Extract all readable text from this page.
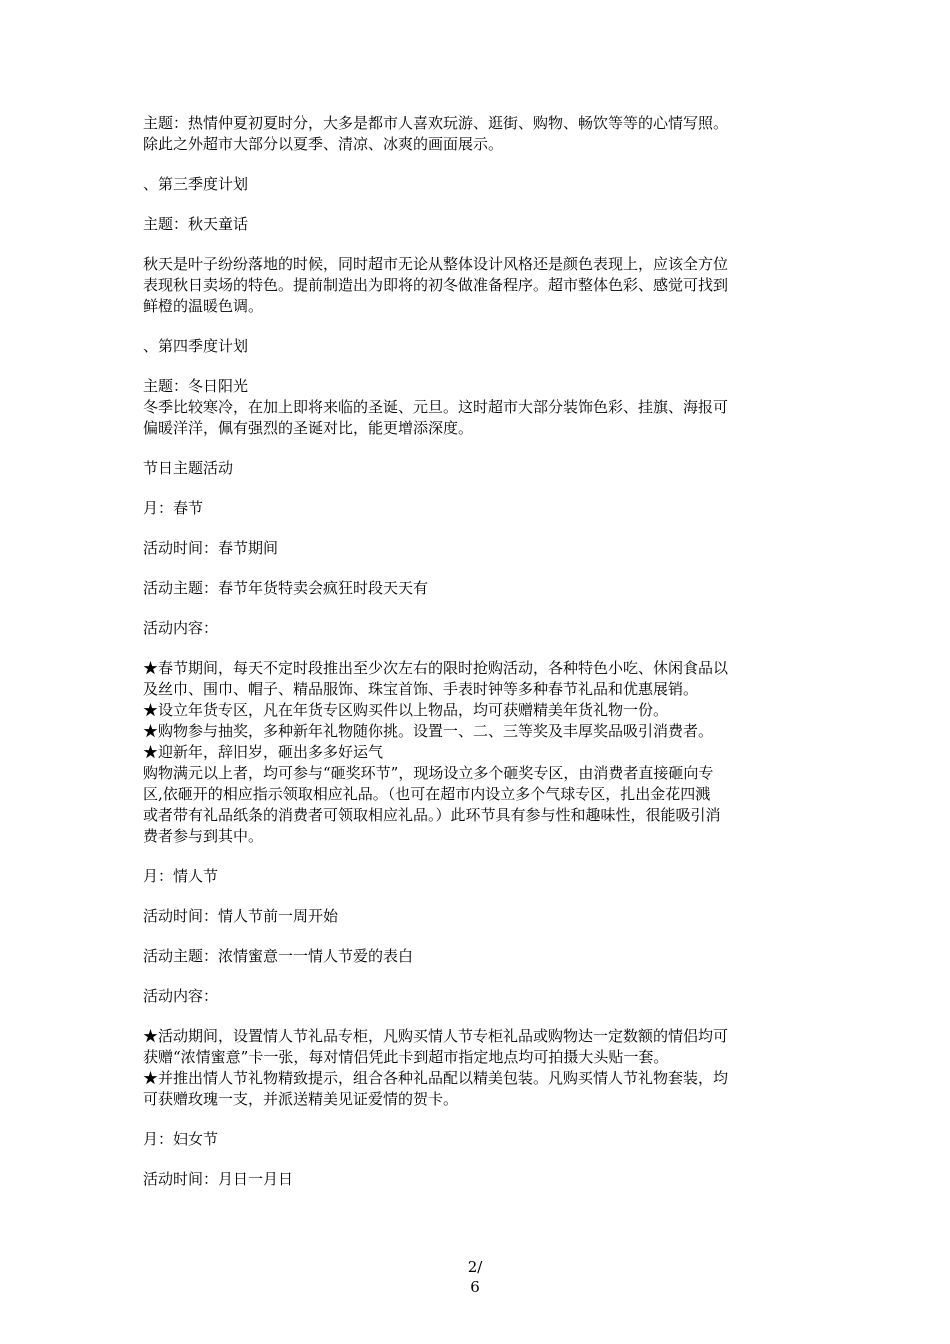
主题：热情仲夏初夏时分，大多是都市人喜欢玩游、逛街、购物、畅饮等等的心情写照。
除此之外超市大部分以夏季、清凉、冰爽的画面展示。
、第三季度计划
主题：秋天童话
秋天是叶子纷纷落地的时候，同时超市无论从整体设计风格还是颜色表现上，应该全方位
表现秋日卖场的特色。提前制造出为即将的初冬做准备程序。超市整体色彩、感觉可找到
鲜橙的温暖色调。
、第四季度计划
主题：冬日阳光
冬季比较寒冷，在加上即将来临的圣诞、元旦。这时超市大部分装饰色彩、挂旗、海报可
偏暖洋洋，佩有强烈的圣诞对比，能更增添深度。
节日主题活动
月：春节
活动时间：春节期间
活动主题：春节年货特卖会疯狂时段天天有
活动内容：
★春节期间，每天不定时段推出至少次左右的限时抢购活动，各种特色小吃、休闲食品以
及丝巾、围巾、帽子、精品服饰、珠宝首饰、手表时钟等多种春节礼品和优惠展销。
★设立年货专区，凡在年货专区购买件以上物品，均可获赠精美年货礼物一份。
★购物参与抽奖，多种新年礼物随你挑。设置一、二、三等奖及丰厚奖品吸引消费者。
★迎新年，辞旧岁，砸出多多好运气
购物满元以上者，均可参与“砸奖环节”，现场设立多个砸奖专区，由消费者直接砸向专
区,依砸开的相应指示领取相应礼品。（也可在超市内设立多个气球专区，扎出金花四溅
或者带有礼品纸条的消费者可领取相应礼品。）此环节具有参与性和趣味性，很能吸引消
费者参与到其中。
月：情人节
活动时间：情人节前一周开始
活动主题：浓情蜜意一一情人节爱的表白
活动内容：
★活动期间，设置情人节礼品专柜，凡购买情人节专柜礼品或购物达一定数额的情侣均可
获赠“浓情蜜意”卡一张，每对情侣凭此卡到超市指定地点均可拍摄大头贴一套。
★并推出情人节礼物精致提示，组合各种礼品配以精美包装。凡购买情人节礼物套装，均
可获赠玫瑰一支，并派送精美见证爱情的贺卡。
月：妇女节
活动时间：月日一月日
2/
6
